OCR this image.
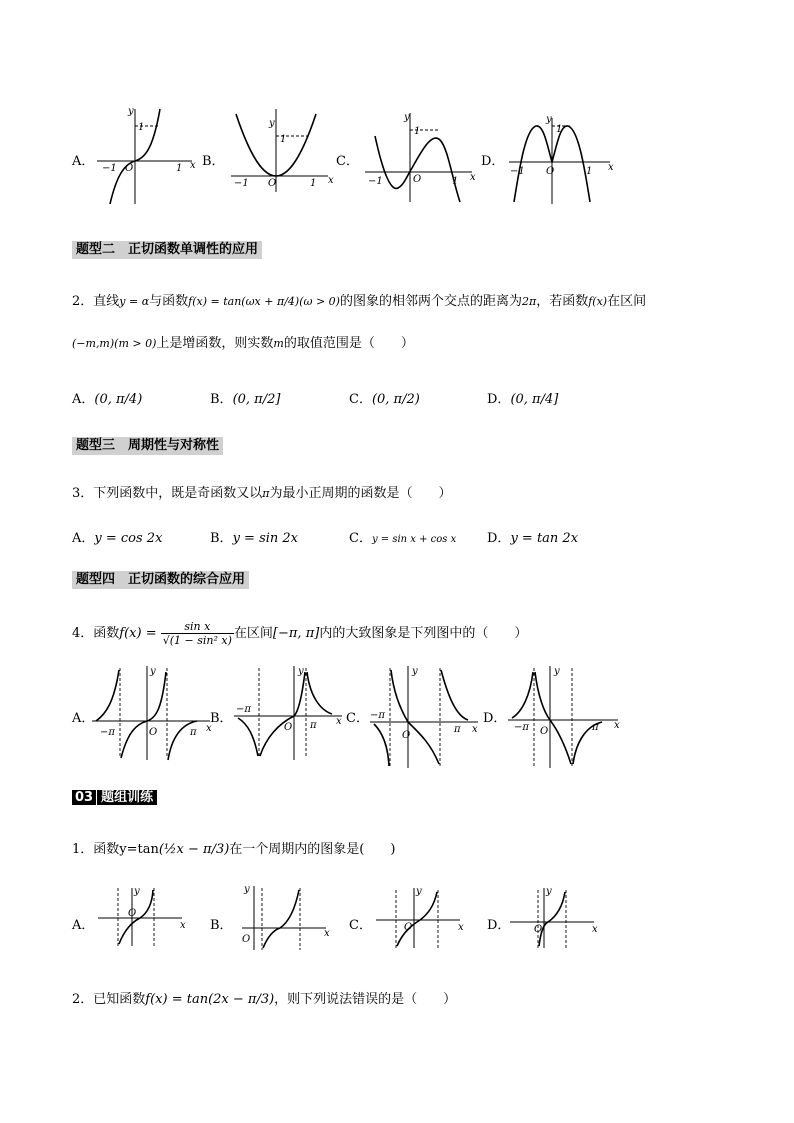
A．	x
y
1
O
−1	1 B．
x
y
1
O
−1	1
C．
x
y
1
O
−1	1
D．	x
y
1
O
−1	1
题型二　正切函数单调性的应用
2．直线y = α与函数f(x) = tan(ωx + π/4)(ω > 0)的图象的相邻两个交点的距离为2π，若函数f(x)在区间
(−m,m)(m > 0)上是增函数，则实数m的取值范围是（　　）
A．(0, π/4)	B．(0, π/2]	C．(0, π/2)	D．(0, π/4]
题型三　周期性与对称性
3．下列函数中，既是奇函数又以π为最小正周期的函数是（　　）
A．y = cos 2x	B．y = sin 2x	C．y = sin x + cos x D．y = tan 2x
题型四　正切函数的综合应用
4．函数$f(x) = \frac{\text{sin x}}{\text{√(1 − sin² x)}}$ 在区间[−π, π]内的大致图象是下列图中的（　　）
A．
x
y
O
−π	π
B．	x
y
O
−π
π C．
x
y
O
−π
π
D．	x
y
O
−π	π
03 题组训练
1．函数y=tan(½x − π/3)在一个周期内的图象是(　　)
A．	x
y
O
B．
x
y
O
C．	x
y
O	D．	x
y
O
2．已知函数f(x) = tan(2x − π/3)，则下列说法错误的是（　　）
